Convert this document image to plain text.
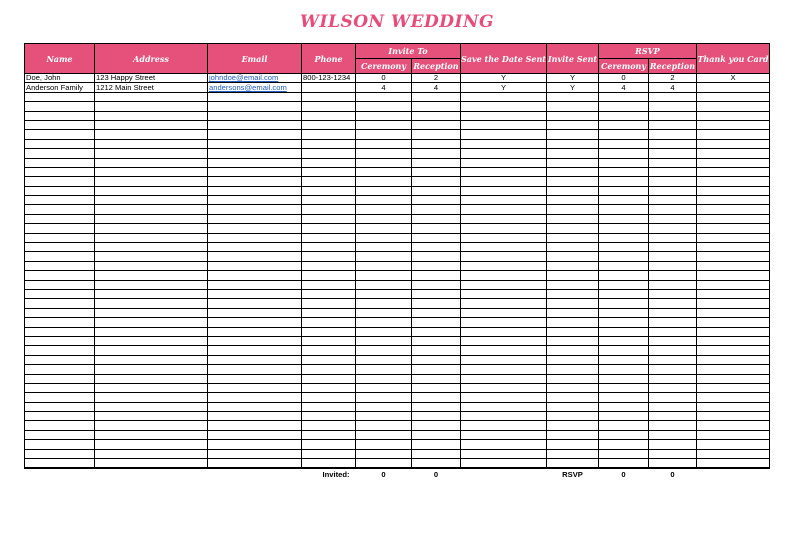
WILSON WEDDING
Name	Address	Email	Phone	Invite To		Save the Date Sent	Invite Sent	RSVP		Thank you Card
				Ceremony	Reception			Ceremony	Reception	
Doe, John	123 Happy Street	johndoe@email.com	800-123-1234	0	2	Y	Y	0	2	X
Anderson Family	1212 Main Street	andersons@email.com		4	4	Y	Y	4	4	

			Invited:	0	0		RSVP	0	0	
